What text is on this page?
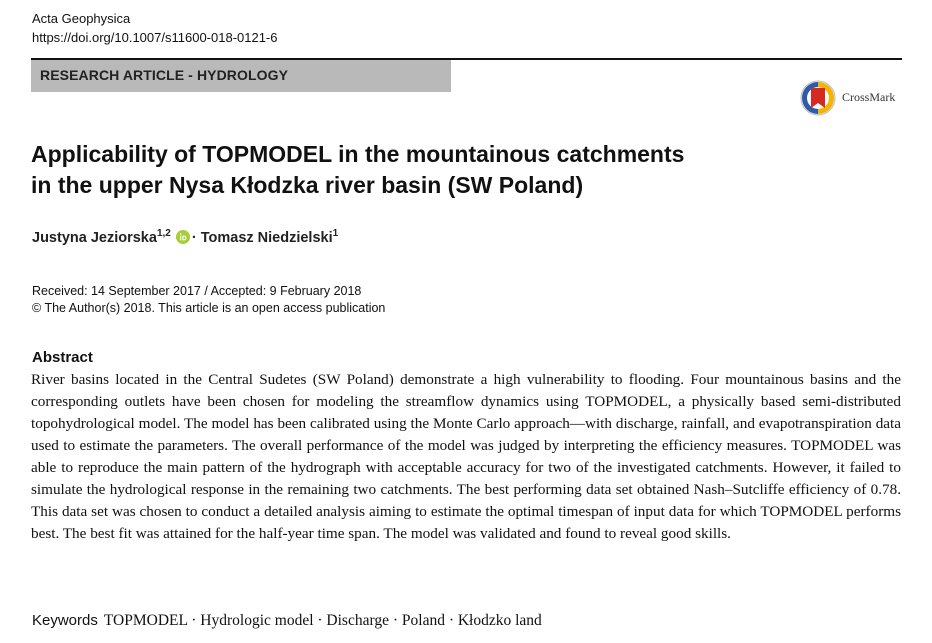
Acta Geophysica
https://doi.org/10.1007/s11600-018-0121-6
RESEARCH ARTICLE - HYDROLOGY
CrossMark
Applicability of TOPMODEL in the mountainous catchments
in the upper Nysa Kłodzka river basin (SW Poland)
Justyna Jeziorska$^{1,2}$ · Tomasz Niedzielski$^1$
Received: 14 September 2017 / Accepted: 9 February 2018
© The Author(s) 2018. This article is an open access publication
Abstract
River basins located in the Central Sudetes (SW Poland) demonstrate a high vulnerability to flooding. Four mountainous basins and the corresponding outlets have been chosen for modeling the streamflow dynamics using TOPMODEL, a physically based semi-distributed topohydrological model. The model has been calibrated using the Monte Carlo approach—with discharge, rainfall, and evapotranspiration data used to estimate the parameters. The overall performance of the model was judged by interpreting the efficiency measures. TOPMODEL was able to reproduce the main pattern of the hydrograph with acceptable accuracy for two of the investigated catchments. However, it failed to simulate the hydrological response in the remaining two catchments. The best performing data set obtained Nash–Sutcliffe efficiency of 0.78. This data set was chosen to conduct a detailed analysis aiming to estimate the optimal timespan of input data for which TOPMODEL performs best. The best fit was attained for the half-year time span. The model was validated and found to reveal good skills.
Keywords TOPMODEL · Hydrologic model · Discharge · Poland · Kłodzko land
